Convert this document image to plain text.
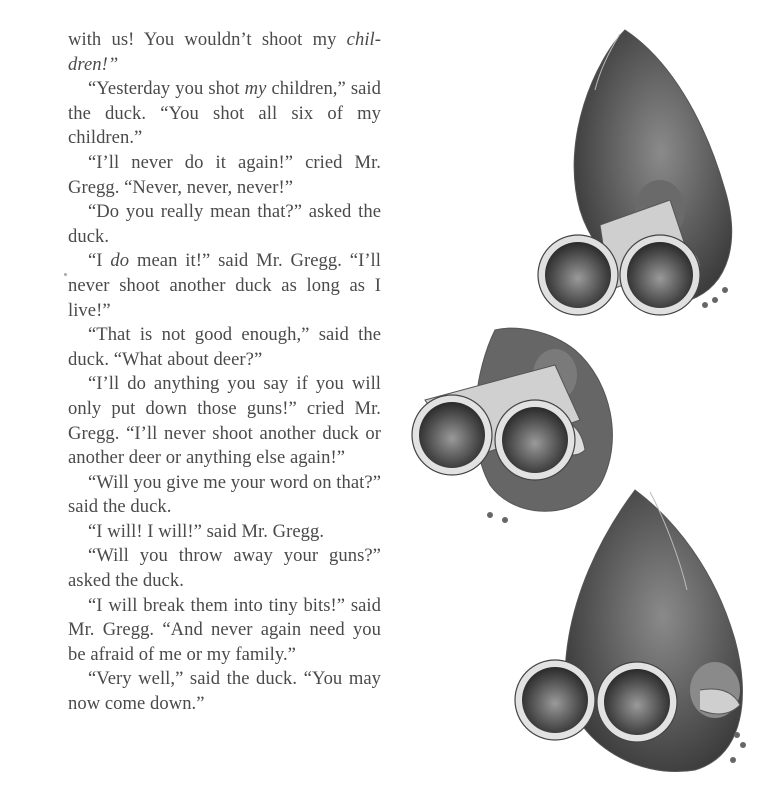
with us! You wouldn’t shoot my chil-dren!”

“Yesterday you shot my children,” said the duck. “You shot all six of my children.”

“I’ll never do it again!” cried Mr. Gregg. “Never, never, never!”

“Do you really mean that?” asked the duck.

“I do mean it!” said Mr. Gregg. “I’ll never shoot another duck as long as I live!”

“That is not good enough,” said the duck. “What about deer?”

“I’ll do anything you say if you will only put down those guns!” cried Mr. Gregg. “I’ll never shoot another duck or another deer or anything else again!”

“Will you give me your word on that?” said the duck.

“I will! I will!” said Mr. Gregg.

“Will you throw away your guns?” asked the duck.

“I will break them into tiny bits!” said Mr. Gregg. “And never again need you be afraid of me or my family.”

“Very well,” said the duck. “You may now come down.”
